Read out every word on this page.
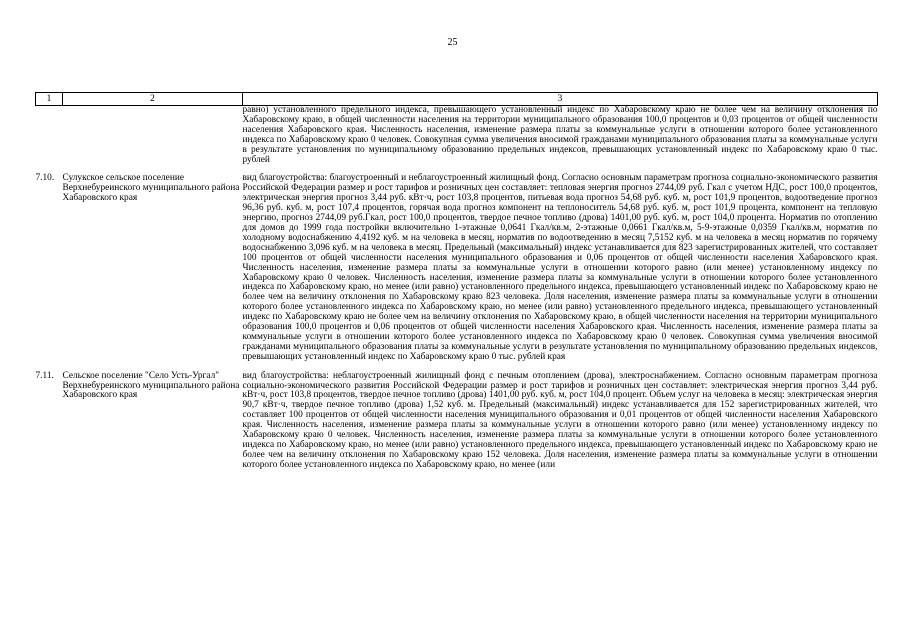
25
1	2	3
		равно) установленного предельного индекса, превышающего установленный индекс по Хабаровскому краю не более чем на величину отклонения по Хабаровскому краю, в общей численности населения на территории муниципального образования 100,0 процентов и 0,03 процентов от общей численности населения Хабаровского края. Численность населения, изменение размера платы за коммунальные услуги в отношении которого более установленного индекса по Хабаровскому краю 0 человек. Совокупная сумма увеличения вносимой гражданами муниципального образования платы за коммунальные услуги в результате установления по муниципальному образованию предельных индексов, превышающих установленный индекс по Хабаровскому краю 0 тыс. рублей
7.10.	Сулукское сельское поселение Верхнебуреинского муниципального района Хабаровского края	вид благоустройства: благоустроенный и неблагоустроенный жилищный фонд. Согласно основным параметрам прогноза социально-экономического развития Российской Федерации размер и рост тарифов и розничных цен составляет: тепловая энергия прогноз 2744,09 руб. Гкал с учетом НДС, рост 100,0 процентов, электрическая энергия прогноз 3,44 руб. кВт·ч, рост 103,8 процентов, питьевая вода прогноз 54,68 руб. куб. м, рост 101,9 процентов, водоотведение прогноз 96,36 руб. куб. м, рост 107,4 процентов, горячая вода прогноз компонент на теплоноситель 54,68 руб. куб. м, рост 101,9 процента, компонент на тепловую энергию, прогноз 2744,09 руб.Гкал, рост 100,0 процентов, твердое печное топливо (дрова) 1401,00 руб. куб. м, рост 104,0 процента. Норматив по отоплению для домов до 1999 года постройки включительно 1-этажные 0,0641 Гкал/кв.м, 2-этажные 0,0661 Гкал/кв.м, 5-9-этажные 0,0359 Гкал/кв.м, норматив по холодному водоснабжению 4,4192 куб. м на человека в месяц, норматив по водоотведению в месяц 7,5152 куб. м на человека в месяц норматив по горячему водоснабжению 3,096 куб. м на человека в месяц. Предельный (максимальный) индекс устанавливается для 823 зарегистрированных жителей, что составляет 100 процентов от общей численности населения муниципального образования и 0,06 процентов от общей численности населения Хабаровского края. Численность населения, изменение размера платы за коммунальные услуги в отношении которого равно (или менее) установленному индексу по Хабаровскому краю 0 человек. Численность населения, изменение размера платы за коммунальные услуги в отношении которого более установленного индекса по Хабаровскому краю, но менее (или равно) установленного предельного индекса, превышающего установленный индекс по Хабаровскому краю не более чем на величину отклонения по Хабаровскому краю 823 человека. Доля населения, изменение размера платы за коммунальные услуги в отношении которого более установленного индекса по Хабаровскому краю, но менее (или равно) установленного предельного индекса, превышающего установленный индекс по Хабаровскому краю не более чем на величину отклонения по Хабаровскому краю, в общей численности населения на территории муниципального образования 100,0 процентов и 0,06 процентов от общей численности населения Хабаровского края. Численность населения, изменение размера платы за коммунальные услуги в отношении которого более установленного индекса по Хабаровскому краю 0 человек. Совокупная сумма увеличения вносимой гражданами муниципального образования платы за коммунальные услуги в результате установления по муниципальному образованию предельных индексов, превышающих установленный индекс по Хабаровскому краю 0 тыс. рублей края
7.11.	Сельское поселение "Село Усть-Ургал" Верхнебуреинского муниципального района Хабаровского края	вид благоустройства: неблагоустроенный жилищный фонд с печным отоплением (дрова), электроснабжением. Согласно основным параметрам прогноза социально-экономического развития Российской Федерации размер и рост тарифов и розничных цен составляет: электрическая энергия прогноз 3,44 руб. кВт·ч, рост 103,8 процентов, твердое печное топливо (дрова) 1401,00 руб. куб. м, рост 104,0 процент. Объем услуг на человека в месяц: электрическая энергия 90,7 кВт·ч, твердое печное топливо (дрова) 1,52 куб. м. Предельный (максимальный) индекс устанавливается для 152 зарегистрированных жителей, что составляет 100 процентов от общей численности населения муниципального образования и 0,01 процентов от общей численности населения Хабаровского края. Численность населения, изменение размера платы за коммунальные услуги в отношении которого равно (или менее) установленному индексу по Хабаровскому краю 0 человек. Численность населения, изменение размера платы за коммунальные услуги в отношении которого более установленного индекса по Хабаровскому краю, но менее (или равно) установленного предельного индекса, превышающего установленный индекс по Хабаровскому краю не более чем на величину отклонения по Хабаровскому краю 152 человека. Доля населения, изменение размера платы за коммунальные услуги в отношении которого более установленного индекса по Хабаровскому краю, но менее (или
